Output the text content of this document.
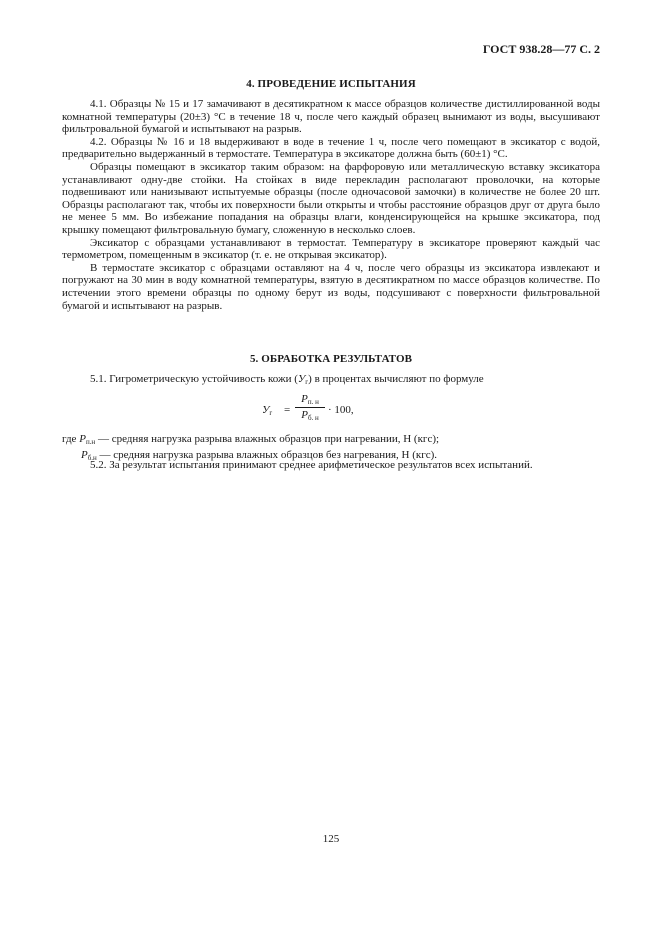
ГОСТ 938.28—77 С. 2
4. ПРОВЕДЕНИЕ ИСПЫТАНИЯ

4.1. Образцы № 15 и 17 замачивают в десятикратном к массе образцов количестве дистиллированной воды комнатной температуры (20±3) °С в течение 18 ч, после чего каждый образец вынимают из воды, высушивают фильтровальной бумагой и испытывают на разрыв.

4.2. Образцы № 16 и 18 выдерживают в воде в течение 1 ч, после чего помещают в эксикатор с водой, предварительно выдержанный в термостате. Температура в эксикаторе должна быть (60±1) °С.

Образцы помещают в эксикатор таким образом: на фарфоровую или металлическую вставку эксикатора устанавливают одну-две стойки. На стойках в виде перекладин располагают проволочки, на которые подвешивают или нанизывают испытуемые образцы (после одночасовой замочки) в количестве не более 20 шт. Образцы располагают так, чтобы их поверхности были открыты и чтобы расстояние образцов друг от друга было не менее 5 мм. Во избежание попадания на образцы влаги, конденсирующейся на крышке эксикатора, под крышку помещают фильтровальную бумагу, сложенную в несколько слоев.

Эксикатор с образцами устанавливают в термостат. Температуру в эксикаторе проверяют каждый час термометром, помещенным в эксикатор (т. е. не открывая эксикатор).

В термостате эксикатор с образцами оставляют на 4 ч, после чего образцы из эксикатора извлекают и погружают на 30 мин в воду комнатной температуры, взятую в десятикратном по массе образцов количестве. По истечении этого времени образцы по одному берут из воды, подсушивают с поверхности фильтровальной бумагой и испытывают на разрыв.

5. ОБРАБОТКА РЕЗУЛЬТАТОВ

5.1. Гигрометрическую устойчивость кожи (Уг) в процентах вычисляют по формуле

$У_г$ =
Pп. н
Pб. н
· 100,
где Pп.н — средняя нагрузка разрыва влажных образцов при нагревании, Н (кгс);
Pб.н — средняя нагрузка разрыва влажных образцов без нагревания, Н (кгс).

5.2. За результат испытания принимают среднее арифметическое результатов всех испытаний.

125
